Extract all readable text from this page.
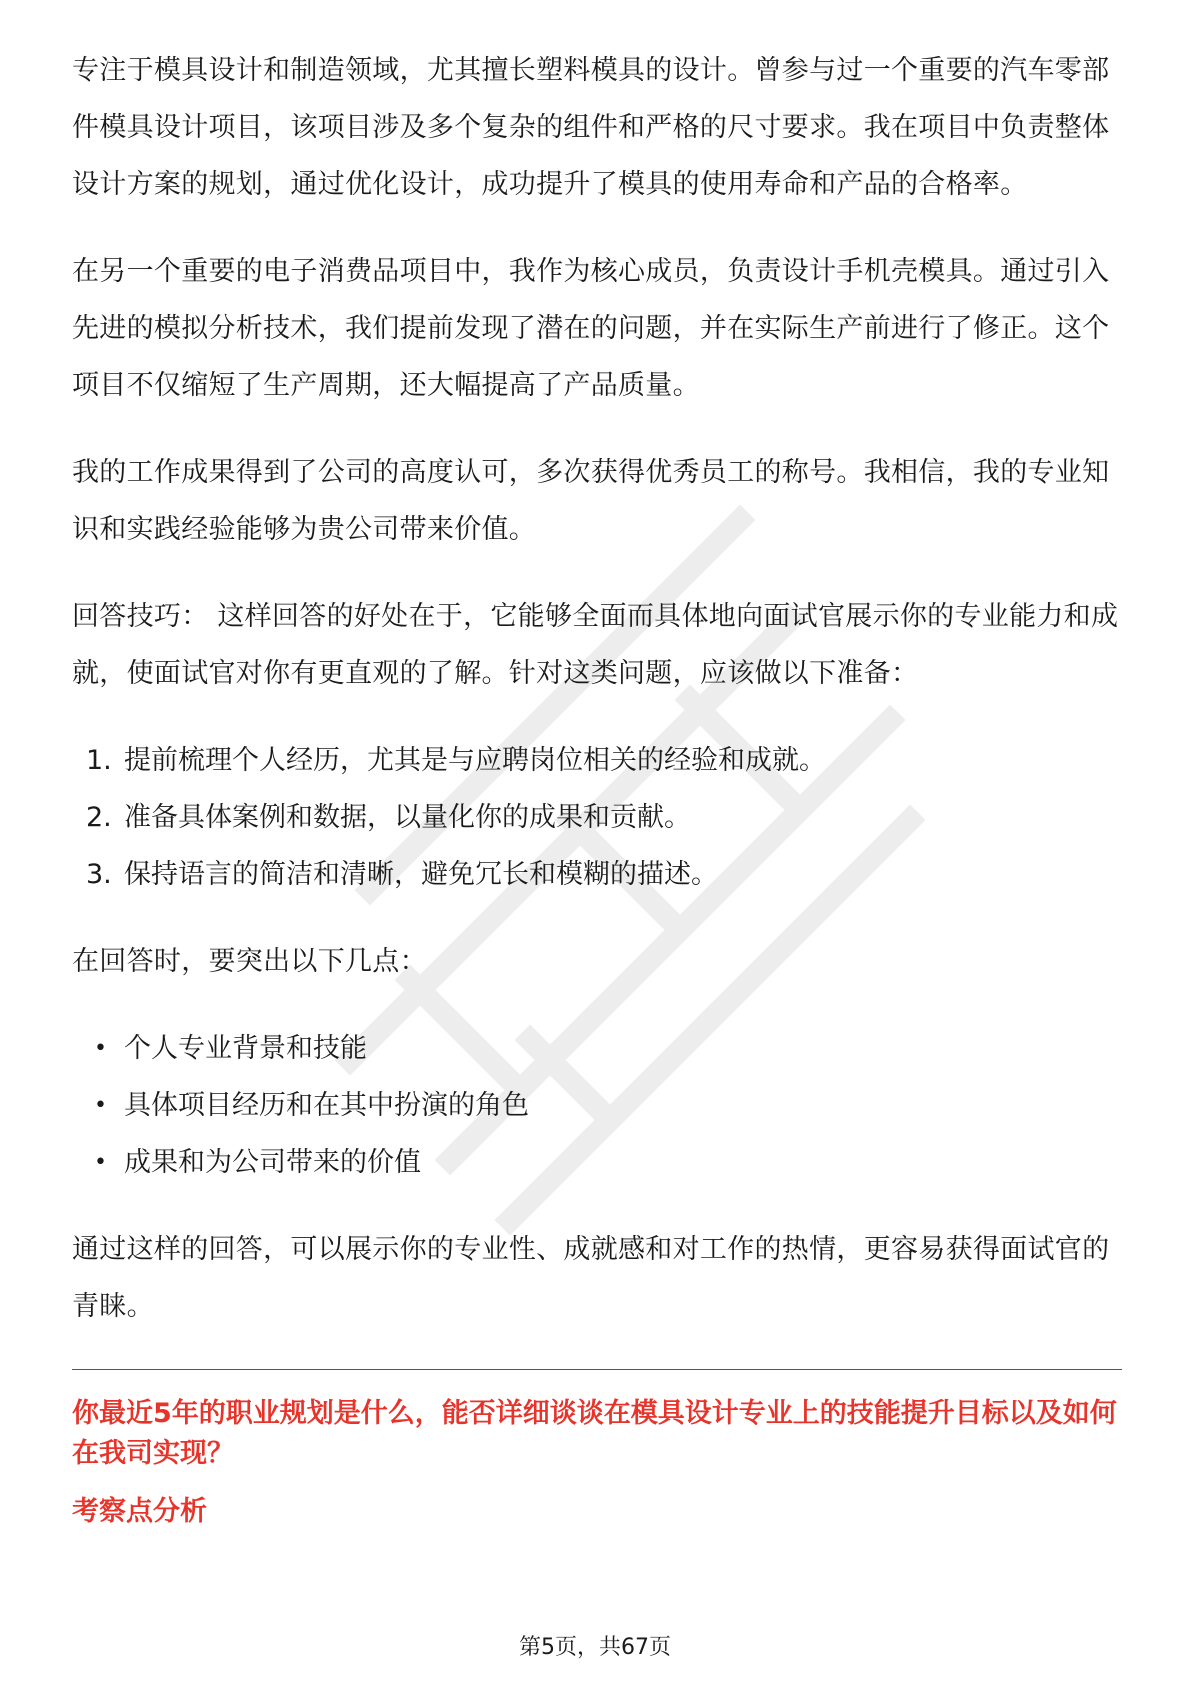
专注于模具设计和制造领域，尤其擅长塑料模具的设计。曾参与过一个重要的汽车零部件模具设计项目，该项目涉及多个复杂的组件和严格的尺寸要求。我在项目中负责整体设计方案的规划，通过优化设计，成功提升了模具的使用寿命和产品的合格率。

在另一个重要的电子消费品项目中，我作为核心成员，负责设计手机壳模具。通过引入先进的模拟分析技术，我们提前发现了潜在的问题，并在实际生产前进行了修正。这个项目不仅缩短了生产周期，还大幅提高了产品质量。

我的工作成果得到了公司的高度认可，多次获得优秀员工的称号。我相信，我的专业知识和实践经验能够为贵公司带来价值。

回答技巧： 这样回答的好处在于，它能够全面而具体地向面试官展示你的专业能力和成就，使面试官对你有更直观的了解。针对这类问题，应该做以下准备：

1. 提前梳理个人经历，尤其是与应聘岗位相关的经验和成就。
2. 准备具体案例和数据，以量化你的成果和贡献。
3. 保持语言的简洁和清晰，避免冗长和模糊的描述。

在回答时，要突出以下几点：

• 个人专业背景和技能
• 具体项目经历和在其中扮演的角色
• 成果和为公司带来的价值

通过这样的回答，可以展示你的专业性、成就感和对工作的热情，更容易获得面试官的青睐。

你最近5年的职业规划是什么，能否详细谈谈在模具设计专业上的技能提升目标以及如何在我司实现？

考察点分析

第5页，共67页
